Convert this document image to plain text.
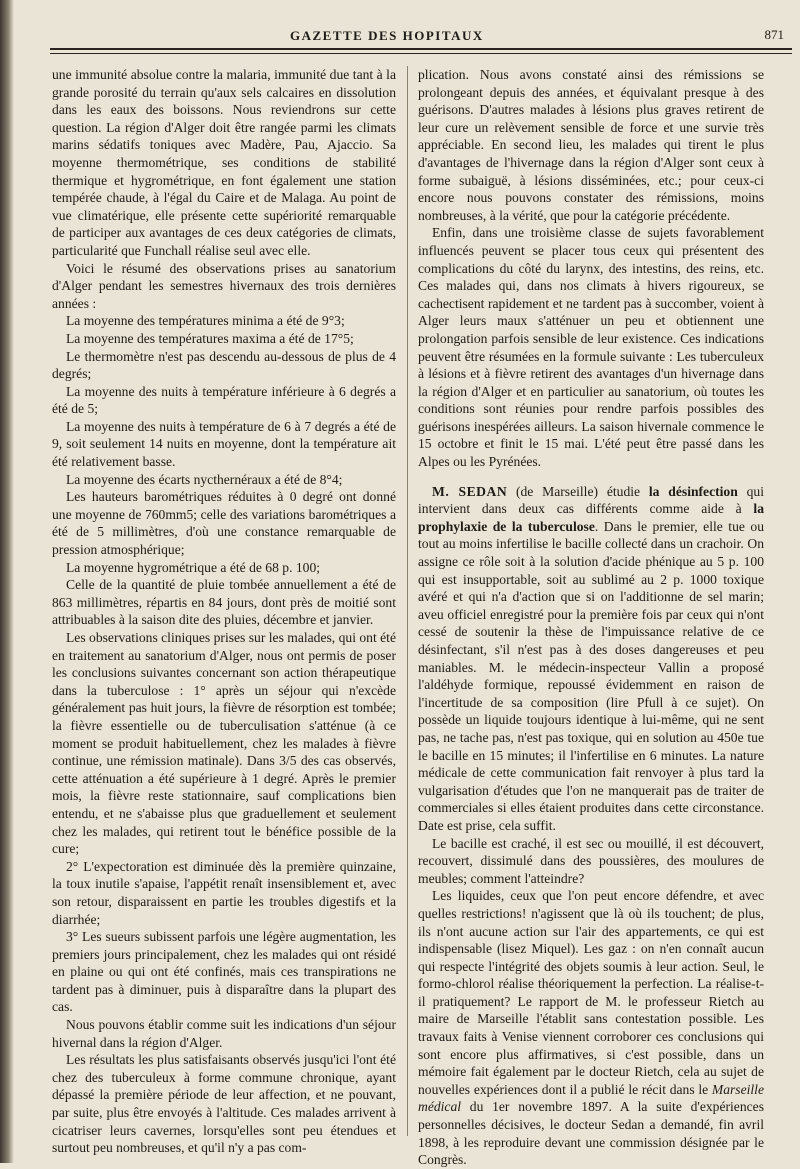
GAZETTE DES HOPITAUX	871

une immunité absolue contre la malaria, immunité due tant à la grande porosité du terrain qu'aux sels calcaires en dissolution dans les eaux des boissons. Nous reviendrons sur cette question. La région d'Alger doit être rangée parmi les climats marins sédatifs toniques avec Madère, Pau, Ajaccio. Sa moyenne thermométrique, ses conditions de stabilité thermique et hygrométrique, en font également une station tempérée chaude, à l'égal du Caire et de Malaga. Au point de vue climatérique, elle présente cette supériorité remarquable de participer aux avantages de ces deux catégories de climats, particularité que Funchall réalise seul avec elle.

Voici le résumé des observations prises au sanatorium d'Alger pendant les semestres hivernaux des trois dernières années :

La moyenne des températures minima a été de 9°3;

La moyenne des températures maxima a été de 17°5;

Le thermomètre n'est pas descendu au-dessous de plus de 4 degrés;

La moyenne des nuits à température inférieure à 6 degrés a été de 5;

La moyenne des nuits à température de 6 à 7 degrés a été de 9, soit seulement 14 nuits en moyenne, dont la température ait été relativement basse.

La moyenne des écarts nycthernéraux a été de 8°4;

Les hauteurs barométriques réduites à 0 degré ont donné une moyenne de 760mm5; celle des variations barométriques a été de 5 millimètres, d'où une constance remarquable de pression atmosphérique;

La moyenne hygrométrique a été de 68 p. 100;

Celle de la quantité de pluie tombée annuellement a été de 863 millimètres, répartis en 84 jours, dont près de moitié sont attribuables à la saison dite des pluies, décembre et janvier.

Les observations cliniques prises sur les malades, qui ont été en traitement au sanatorium d'Alger, nous ont permis de poser les conclusions suivantes concernant son action thérapeutique dans la tuberculose : 1° après un séjour qui n'excède généralement pas huit jours, la fièvre de résorption est tombée; la fièvre essentielle ou de tuberculisation s'atténue (à ce moment se produit habituellement, chez les malades à fièvre continue, une rémission matinale). Dans 3/5 des cas observés, cette atténuation a été supérieure à 1 degré. Après le premier mois, la fièvre reste stationnaire, sauf complications bien entendu, et ne s'abaisse plus que graduellement et seulement chez les malades, qui retirent tout le bénéfice possible de la cure;

2° L'expectoration est diminuée dès la première quinzaine, la toux inutile s'apaise, l'appétit renaît insensiblement et, avec son retour, disparaissent en partie les troubles digestifs et la diarrhée;

3° Les sueurs subissent parfois une légère augmentation, les premiers jours principalement, chez les malades qui ont résidé en plaine ou qui ont été confinés, mais ces transpirations ne tardent pas à diminuer, puis à disparaître dans la plupart des cas.

Nous pouvons établir comme suit les indications d'un séjour hivernal dans la région d'Alger.

Les résultats les plus satisfaisants observés jusqu'ici l'ont été chez des tuberculeux à forme commune chronique, ayant dépassé la première période de leur affection, et ne pouvant, par suite, plus être envoyés à l'altitude. Ces malades arrivent à cicatriser leurs cavernes, lorsqu'elles sont peu étendues et surtout peu nombreuses, et qu'il n'y a pas com-

plication. Nous avons constaté ainsi des rémissions se prolongeant depuis des années, et équivalant presque à des guérisons. D'autres malades à lésions plus graves retirent de leur cure un relèvement sensible de force et une survie très appréciable. En second lieu, les malades qui tirent le plus d'avantages de l'hivernage dans la région d'Alger sont ceux à forme subaiguë, à lésions disséminées, etc.; pour ceux-ci encore nous pouvons constater des rémissions, moins nombreuses, à la vérité, que pour la catégorie précédente.

Enfin, dans une troisième classe de sujets favorablement influencés peuvent se placer tous ceux qui présentent des complications du côté du larynx, des intestins, des reins, etc. Ces malades qui, dans nos climats à hivers rigoureux, se cachectisent rapidement et ne tardent pas à succomber, voient à Alger leurs maux s'atténuer un peu et obtiennent une prolongation parfois sensible de leur existence. Ces indications peuvent être résumées en la formule suivante : Les tuberculeux à lésions et à fièvre retirent des avantages d'un hivernage dans la région d'Alger et en particulier au sanatorium, où toutes les conditions sont réunies pour rendre parfois possibles des guérisons inespérées ailleurs. La saison hivernale commence le 15 octobre et finit le 15 mai. L'été peut être passé dans les Alpes ou les Pyrénées.

M. SEDAN (de Marseille) étudie la désinfection qui intervient dans deux cas différents comme aide à la prophylaxie de la tuberculose. Dans le premier, elle tue ou tout au moins infertilise le bacille collecté dans un crachoir. On assigne ce rôle soit à la solution d'acide phénique au 5 p. 100 qui est insupportable, soit au sublimé au 2 p. 1000 toxique avéré et qui n'a d'action que si on l'additionne de sel marin; aveu officiel enregistré pour la première fois par ceux qui n'ont cessé de soutenir la thèse de l'impuissance relative de ce désinfectant, s'il n'est pas à des doses dangereuses et peu maniables. M. le médecin-inspecteur Vallin a proposé l'aldéhyde formique, repoussé évidemment en raison de l'incertitude de sa composition (lire Pfull à ce sujet). On possède un liquide toujours identique à lui-même, qui ne sent pas, ne tache pas, n'est pas toxique, qui en solution au 450e tue le bacille en 15 minutes; il l'infertilise en 6 minutes. La nature médicale de cette communication fait renvoyer à plus tard la vulgarisation d'études que l'on ne manquerait pas de traiter de commerciales si elles étaient produites dans cette circonstance. Date est prise, cela suffit.

Le bacille est craché, il est sec ou mouillé, il est découvert, recouvert, dissimulé dans des poussières, des moulures de meubles; comment l'atteindre?

Les liquides, ceux que l'on peut encore défendre, et avec quelles restrictions! n'agissent que là où ils touchent; de plus, ils n'ont aucune action sur l'air des appartements, ce qui est indispensable (lisez Miquel). Les gaz : on n'en connaît aucun qui respecte l'intégrité des objets soumis à leur action. Seul, le formo-chlorol réalise théoriquement la perfection. La réalise-t-il pratiquement? Le rapport de M. le professeur Rietch au maire de Marseille l'établit sans contestation possible. Les travaux faits à Venise viennent corroborer ces conclusions qui sont encore plus affirmatives, si c'est possible, dans un mémoire fait également par le docteur Rietch, cela au sujet de nouvelles expériences dont il a publié le récit dans le Marseille médical du 1er novembre 1897. A la suite d'expériences personnelles décisives, le docteur Sedan a demandé, fin avril 1898, à les reproduire devant une commission désignée par le Congrès.
